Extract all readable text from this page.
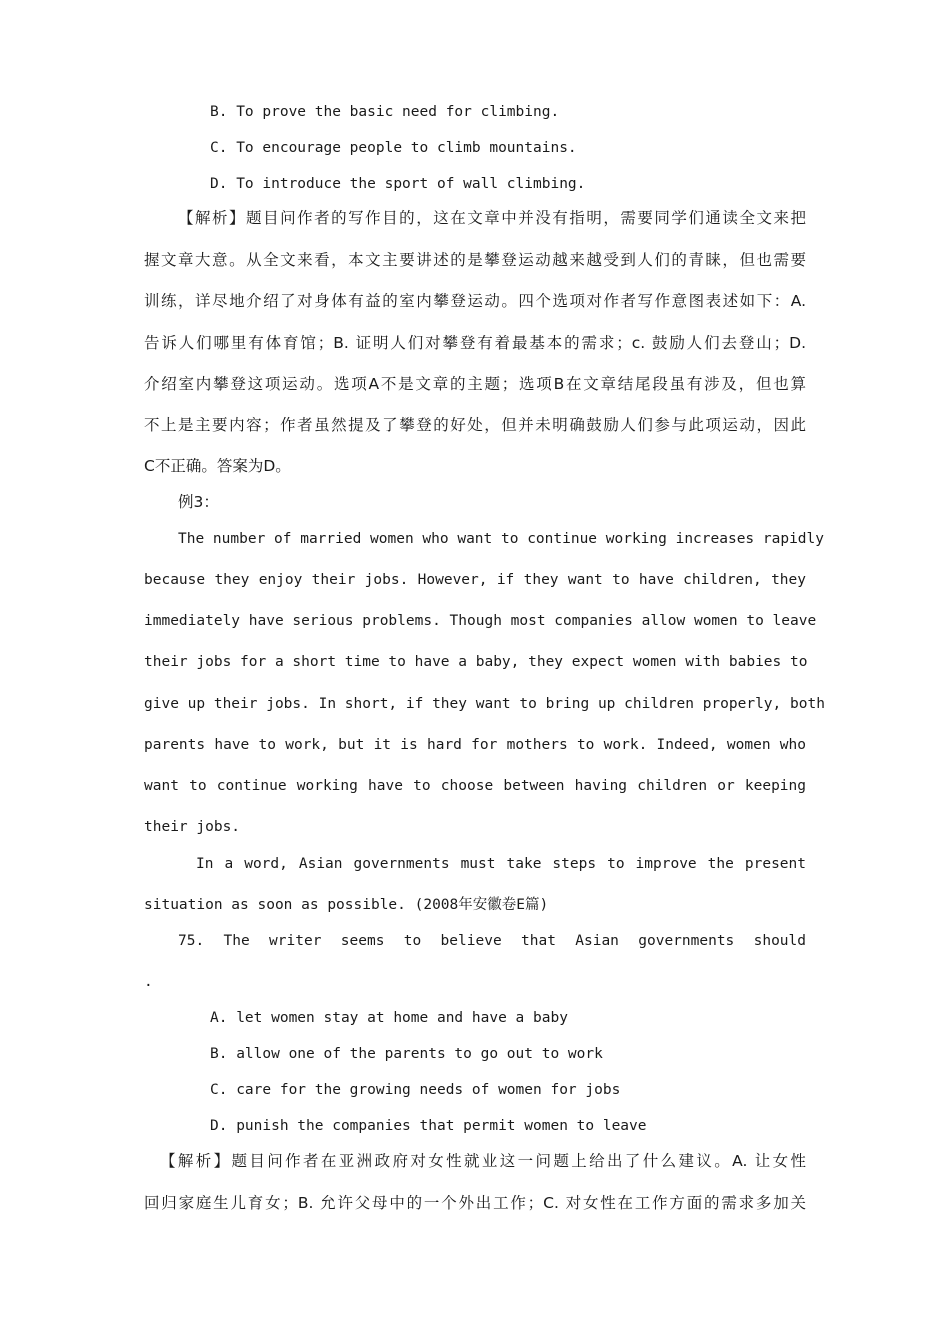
B. To prove the basic need for climbing.

C. To encourage people to climb mountains.

D. To introduce the sport of wall climbing.

【解析】题目问作者的写作目的，这在文章中并没有指明，需要同学们通读全文来把

握文章大意。从全文来看，本文主要讲述的是攀登运动越来越受到人们的青睐，但也需要

训练，详尽地介绍了对身体有益的室内攀登运动。四个选项对作者写作意图表述如下：A.

告诉人们哪里有体育馆；B. 证明人们对攀登有着最基本的需求；c. 鼓励人们去登山；D.

介绍室内攀登这项运动。选项A不是文章的主题；选项B在文章结尾段虽有涉及，但也算

不上是主要内容；作者虽然提及了攀登的好处，但并未明确鼓励人们参与此项运动，因此

C不正确。答案为D。

例3：

The number of married women who want to continue working increases rapidly

because they enjoy their jobs. However, if they want to have children, they

immediately have serious problems. Though most companies allow women to leave

their jobs for a short time to have a baby, they expect women with babies to

give up their jobs. In short, if they want to bring up children properly, both

parents have to work, but it is hard for mothers to work. Indeed, women who

want to continue working have to choose between having children or keeping

their jobs.

In a word, Asian governments must take steps to improve the present

situation as soon as possible. (2008年安徽卷E篇)

75. The writer seems to believe that Asian governments should

.

A. let women stay at home and have a baby

B. allow one of the parents to go out to work

C. care for the growing needs of women for jobs

D. punish the companies that permit women to leave

【解析】题目问作者在亚洲政府对女性就业这一问题上给出了什么建议。A. 让女性

回归家庭生儿育女；B. 允许父母中的一个外出工作；C. 对女性在工作方面的需求多加关
